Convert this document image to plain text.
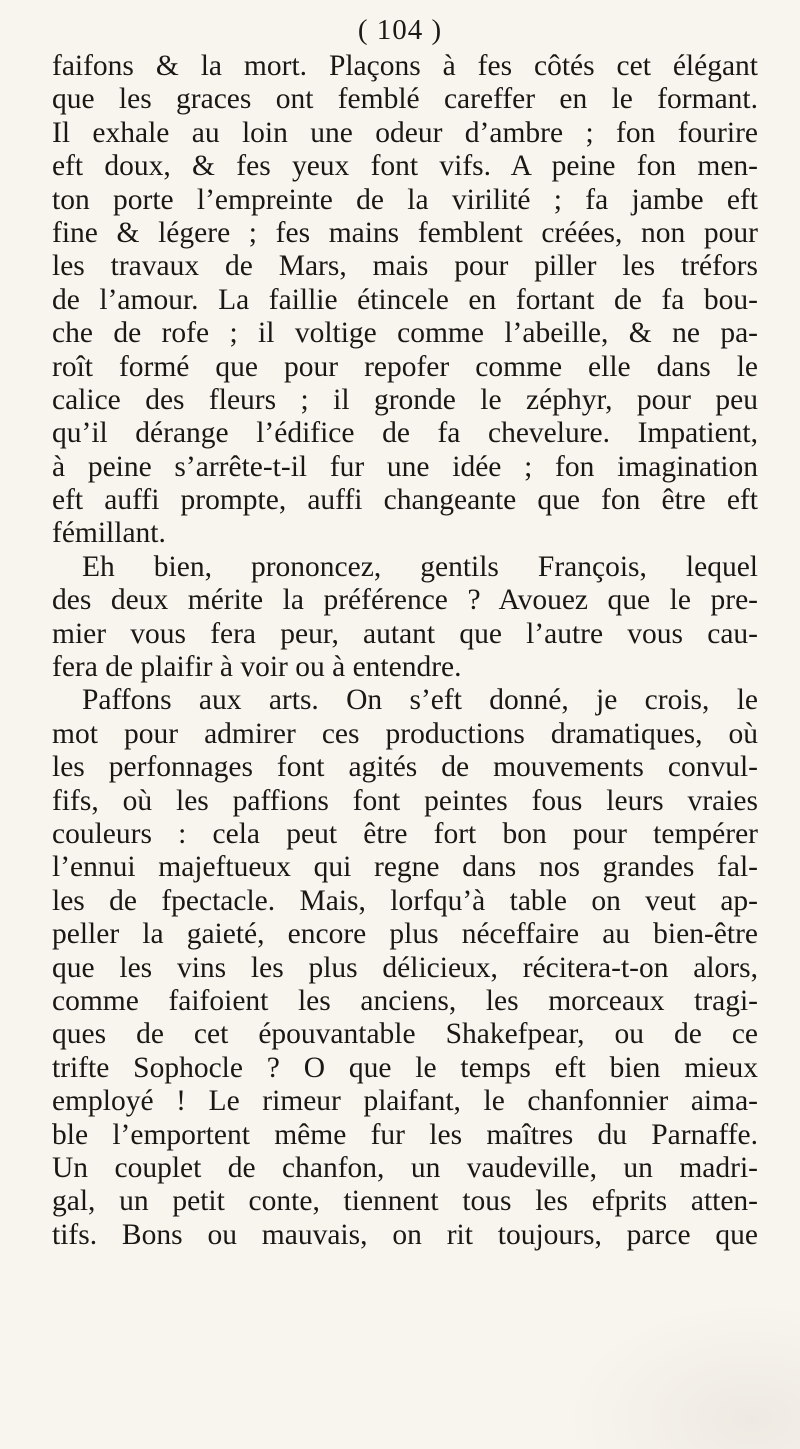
( 104 )
faifons & la mort. Plaçons à fes côtés cet élégant
que les graces ont femblé careffer en le formant.
Il exhale au loin une odeur d’ambre ; fon fourire
eft doux, & fes yeux font vifs. A peine fon men-
ton porte l’empreinte de la virilité ; fa jambe eft
fine & légere ; fes mains femblent créées, non pour
les travaux de Mars, mais pour piller les tréfors
de l’amour. La faillie étincele en fortant de fa bou-
che de rofe ; il voltige comme l’abeille, & ne pa-
roît formé que pour repofer comme elle dans le
calice des fleurs ; il gronde le zéphyr, pour peu
qu’il dérange l’édifice de fa chevelure. Impatient,
à peine s’arrête-t-il fur une idée ; fon imagination
eft auffi prompte, auffi changeante que fon être eft
fémillant.
Eh bien, prononcez, gentils François, lequel
des deux mérite la préférence ? Avouez que le pre-
mier vous fera peur, autant que l’autre vous cau-
fera de plaifir à voir ou à entendre.
Paffons aux arts. On s’eft donné, je crois, le
mot pour admirer ces productions dramatiques, où
les perfonnages font agités de mouvements convul-
fifs, où les paffions font peintes fous leurs vraies
couleurs : cela peut être fort bon pour tempérer
l’ennui majeftueux qui regne dans nos grandes fal-
les de fpectacle. Mais, lorfqu’à table on veut ap-
peller la gaieté, encore plus néceffaire au bien-être
que les vins les plus délicieux, récitera-t-on alors,
comme faifoient les anciens, les morceaux tragi-
ques de cet épouvantable Shakefpear, ou de ce
trifte Sophocle ? O que le temps eft bien mieux
employé ! Le rimeur plaifant, le chanfonnier aima-
ble l’emportent même fur les maîtres du Parnaffe.
Un couplet de chanfon, un vaudeville, un madri-
gal, un petit conte, tiennent tous les efprits atten-
tifs. Bons ou mauvais, on rit toujours, parce que
